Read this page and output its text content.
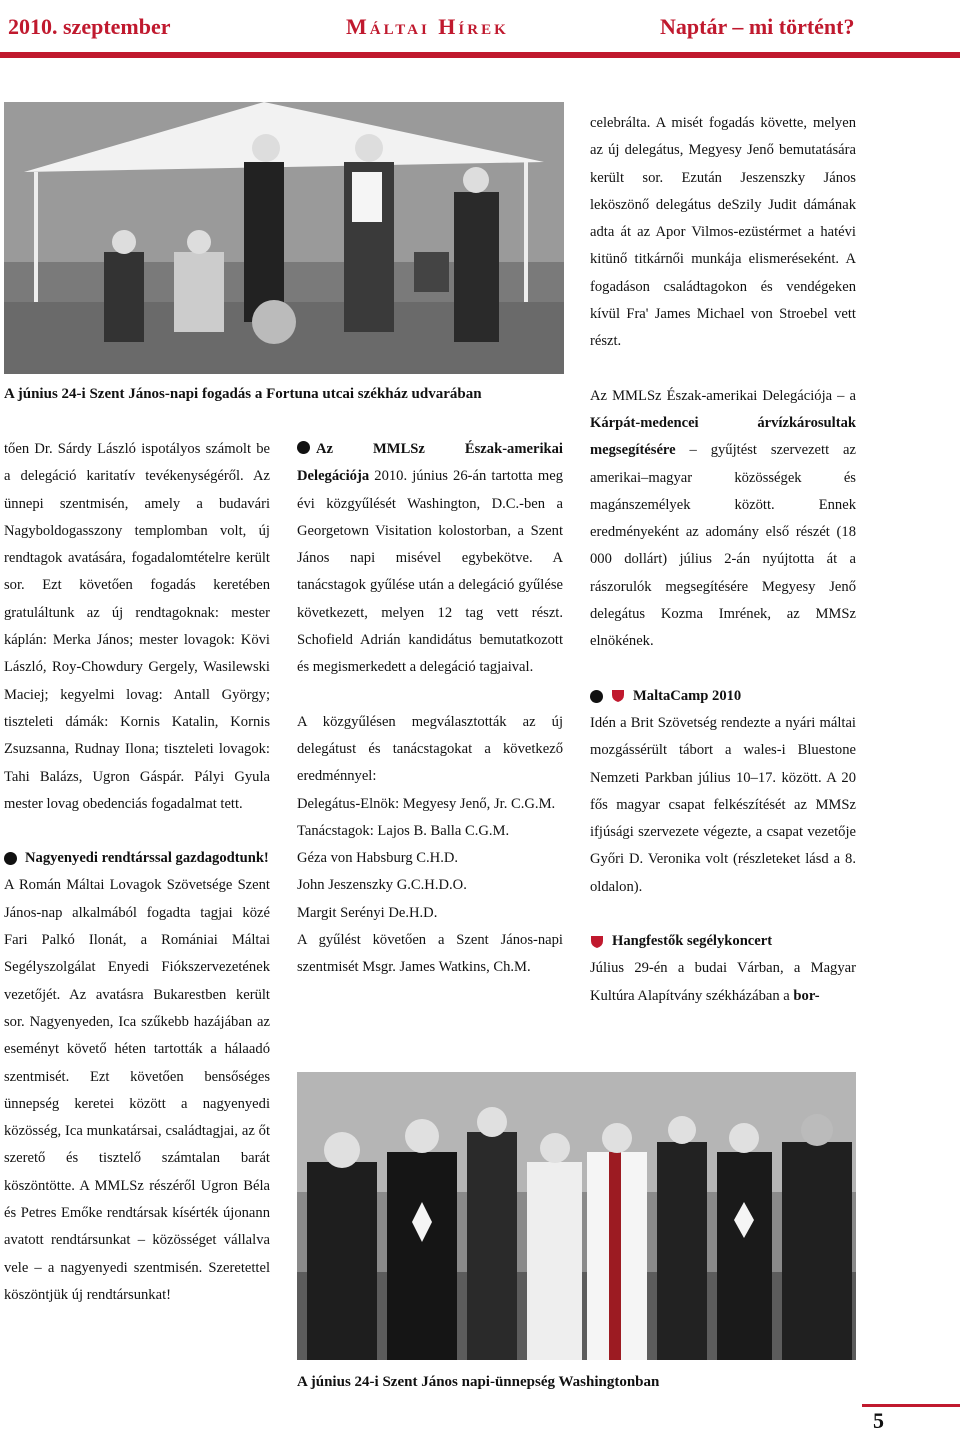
2010. szeptember	Máltai Hírek	Naptár – mi történt?
A június 24-i Szent János-napi fogadás a Fortuna utcai székház udvarában

tően Dr. Sárdy László ispotályos számolt be a delegáció karitatív tevékenységéről. Az ünnepi szentmisén, amely a budavári Nagyboldogasszony templomban volt, új rendtagok avatására, fogadalomtételre került sor. Ezt követően fogadás keretében gratuláltunk az új rendtagoknak: mester káplán: Merka János; mester lovagok: Kövi László, Roy-Chowdury Gergely, Wasilewski Maciej; kegyelmi lovag: Antall György; tiszteleti dámák: Kornis Katalin, Kornis Zsuzsanna, Rudnay Ilona; tiszteleti lovagok: Tahi Balázs, Ugron Gáspár. Pályi Gyula mester lovag obedenciás fogadalmat tett.

Nagyenyedi rendtárssal gazdagodtunk!

A Román Máltai Lovagok Szövetsége Szent János-nap alkalmából fogadta tagjai közé Fari Palkó Ilonát, a Romániai Máltai Segélyszolgálat Enyedi Fiókszervezetének vezetőjét. Az avatásra Bukarestben került sor. Nagyenyeden, Ica szűkebb hazájában az eseményt követő héten tartották a hálaadó szentmisét. Ezt követően bensőséges ünnepség keretei között a nagyenyedi közösség, Ica munkatársai, családtagjai, az őt szerető és tisztelő számtalan barát köszöntötte. A MMLSz részéről Ugron Béla és Petres Emőke rendtársak kísérték újonann avatott rendtársunkat – közösséget vállalva vele – a nagyenyedi szentmisén. Szeretettel köszöntjük új rendtársunkat!

Az MMLSz Észak-amerikai Delegációja 2010. június 26-án tartotta meg évi közgyűlését Washington, D.C.-ben a Georgetown Visitation kolostorban, a Szent János napi misével egybekötve. A tanácstagok gyűlése után a delegáció gyűlése következett, melyen 12 tag vett részt. Schofield Adrián kandidátus bemutatkozott és megismerkedett a delegáció tagjaival.

A közgyűlésen megválasztották az új delegátust és tanácstagokat a következő eredménnyel:

Delegátus-Elnök: Megyesy Jenő, Jr. C.G.M.

Tanácstagok: Lajos B. Balla C.G.M.

Géza von Habsburg C.H.D.

John Jeszenszky G.C.H.D.O.

Margit Serényi De.H.D.

A gyűlést követően a Szent János-napi szentmisét Msgr. James Watkins, Ch.M.

celebrálta. A misét fogadás követte, melyen az új delegátus, Megyesy Jenő bemutatására került sor. Ezután Jeszenszky János leköszönő delegátus deSzily Judit dámának adta át az Apor Vilmos-ezüstérmet a hatévi kitünő titkárnői munkája elismeréseként. A fogadáson családtagokon és vendégeken kívül Fra' James Michael von Stroebel vett részt.

Az MMLSz Észak-amerikai Delegációja – a Kárpát-medencei árvízkárosultak megsegítésére – gyűjtést szervezett az amerikai–magyar közösségek és magánszemélyek között. Ennek eredményeként az adomány első részét (18 000 dollárt) július 2-án nyújtotta át a rászorulók megsegítésére Megyesy Jenő delegátus Kozma Imrének, az MMSz elnökének.

MaltaCamp 2010

Idén a Brit Szövetség rendezte a nyári máltai mozgássérült tábort a wales-i Bluestone Nemzeti Parkban július 10–17. között. A 20 fős magyar csapat felkészítését az MMSz ifjúsági szervezete végezte, a csapat vezetője Győri D. Veronika volt (részleteket lásd a 8. oldalon).

Hangfestők segélykoncert

Július 29-én a budai Várban, a Magyar Kultúra Alapítvány székházában a bor-

A június 24-i Szent János napi-ünnepség Washingtonban
5
